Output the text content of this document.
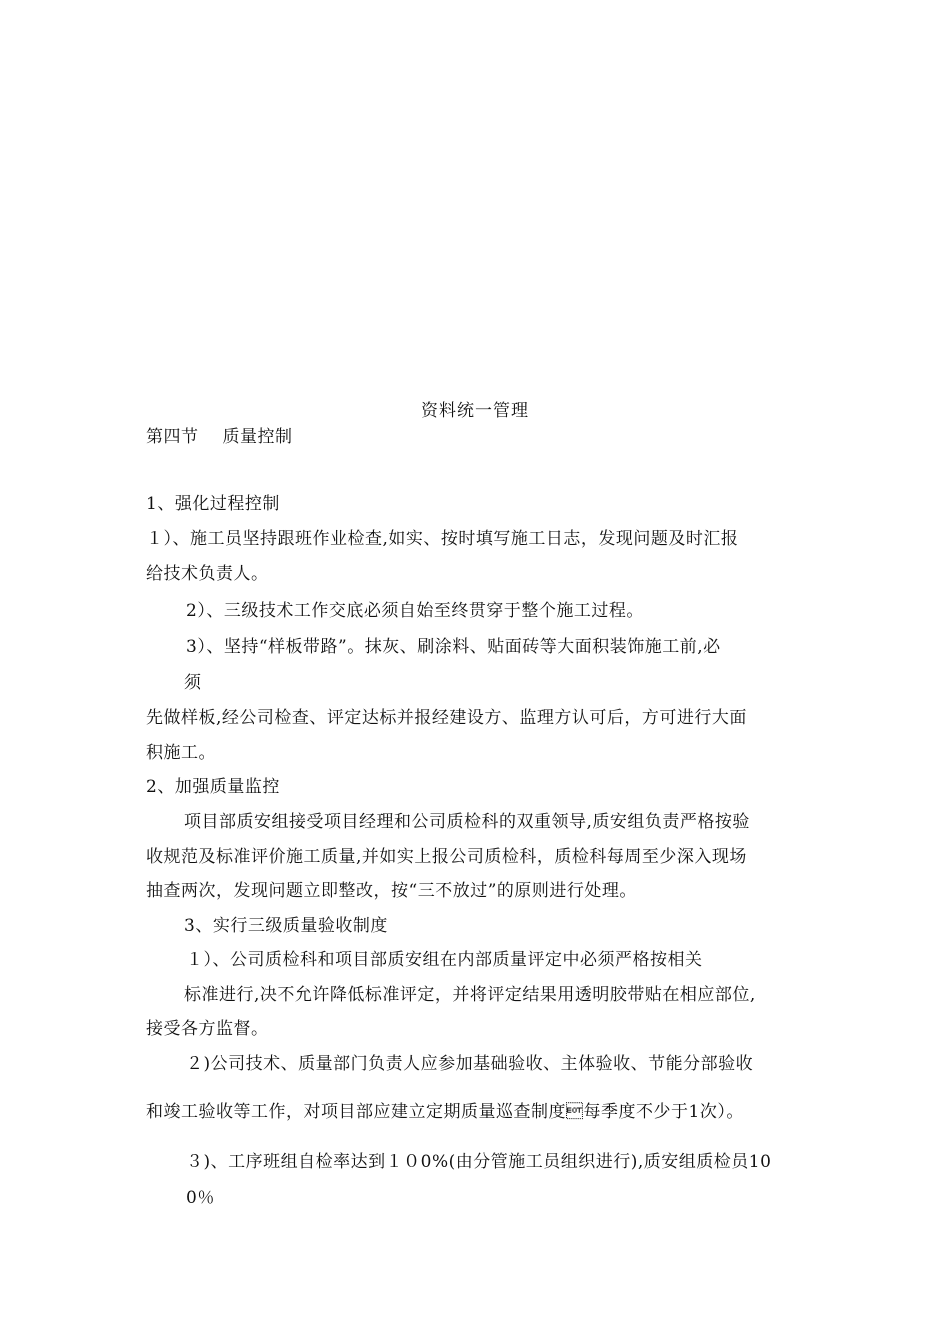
资料统一管理
第四节 质量控制
1、强化过程控制
１）、施工员坚持跟班作业检查,如实、按时填写施工日志，发现问题及时汇报
给技术负责人。
2）、三级技术工作交底必须自始至终贯穿于整个施工过程。
3）、坚持“样板带路”。抹灰、刷涂料、贴面砖等大面积装饰施工前,必
须
先做样板,经公司检查、评定达标并报经建设方、监理方认可后，方可进行大面
积施工。
2、加强质量监控
项目部质安组接受项目经理和公司质检科的双重领导,质安组负责严格按验
收规范及标准评价施工质量,并如实上报公司质检科，质检科每周至少深入现场
抽查两次，发现问题立即整改，按“三不放过”的原则进行处理。
3、实行三级质量验收制度
１）、公司质检科和项目部质安组在内部质量评定中必须严格按相关
标准进行,决不允许降低标准评定，并将评定结果用透明胶带贴在相应部位,
接受各方监督。
２)公司技术、质量部门负责人应参加基础验收、主体验收、节能分部验收
和竣工验收等工作，对项目部应建立定期质量巡查制度每季度不少于1次）。
３)、工序班组自检率达到１０0%(由分管施工员组织进行),质安组质检员10
0％
